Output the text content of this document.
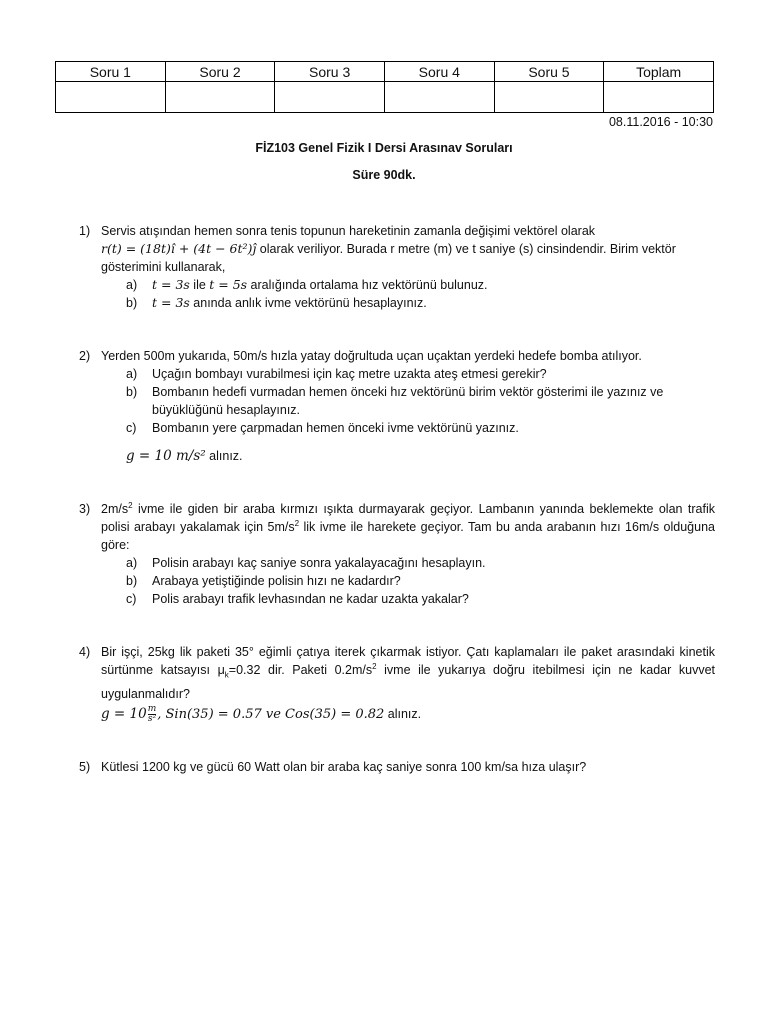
Soru 1	Soru 2	Soru 3	Soru 4	Soru 5	Toplam

08.11.2016 - 10:30
FİZ103 Genel Fizik I Dersi Arasınav Soruları
Süre 90dk.
1) Servis atışından hemen sonra tenis topunun hareketinin zamanla değişimi vektörel olarak
r(t) = (18t)î + (4t − 6t²)ĵ olarak veriliyor. Burada r metre (m) ve t saniye (s) cinsindendir. Birim vektör
gösterimini kullanarak,
a) t = 3s ile t = 5s aralığında ortalama hız vektörünü bulunuz.
b) t = 3s anında anlık ivme vektörünü hesaplayınız.
2) Yerden 500m yukarıda, 50m/s hızla yatay doğrultuda uçan uçaktan yerdeki hedefe bomba atılıyor.
a) Uçağın bombayı vurabilmesi için kaç metre uzakta ateş etmesi gerekir?
b) Bombanın hedefi vurmadan hemen önceki hız vektörünü birim vektör gösterimi ile yazınız ve büyüklüğünü hesaplayınız.
c) Bombanın yere çarpmadan hemen önceki ivme vektörünü yazınız.
g = 10 m/s² alınız.
3) $2m/s^2$ ivme ile giden bir araba kırmızı ışıkta durmayarak geçiyor. Lambanın yanında beklemekte olan trafik polisi arabayı yakalamak için $5m/s^2$ lik ivme ile harekete geçiyor. Tam bu anda arabanın hızı 16m/s olduğuna göre:
a) Polisin arabayı kaç saniye sonra yakalayacağını hesaplayın.
b) Arabaya yetiştiğinde polisin hızı ne kadardır?
c) Polis arabayı trafik levhasından ne kadar uzakta yakalar?
4) Bir işçi, 25kg lik paketi 35° eğimli çatıya iterek çıkarmak istiyor. Çatı kaplamaları ile paket arasındaki kinetik sürtünme katsayısı $\mu_k=0.32$ dir. Paketi $0.2m/s^2$ ivme ile yukarıya doğru itebilmesi için ne kadar kuvvet uygulanmalıdır?
$g = 10 \frac{m}{\text{s²}}$ , Sin(35) = 0.57 ve Cos(35) = 0.82 alınız.
5) Kütlesi 1200 kg ve gücü 60 Watt olan bir araba kaç saniye sonra 100 km/sa hıza ulaşır?
